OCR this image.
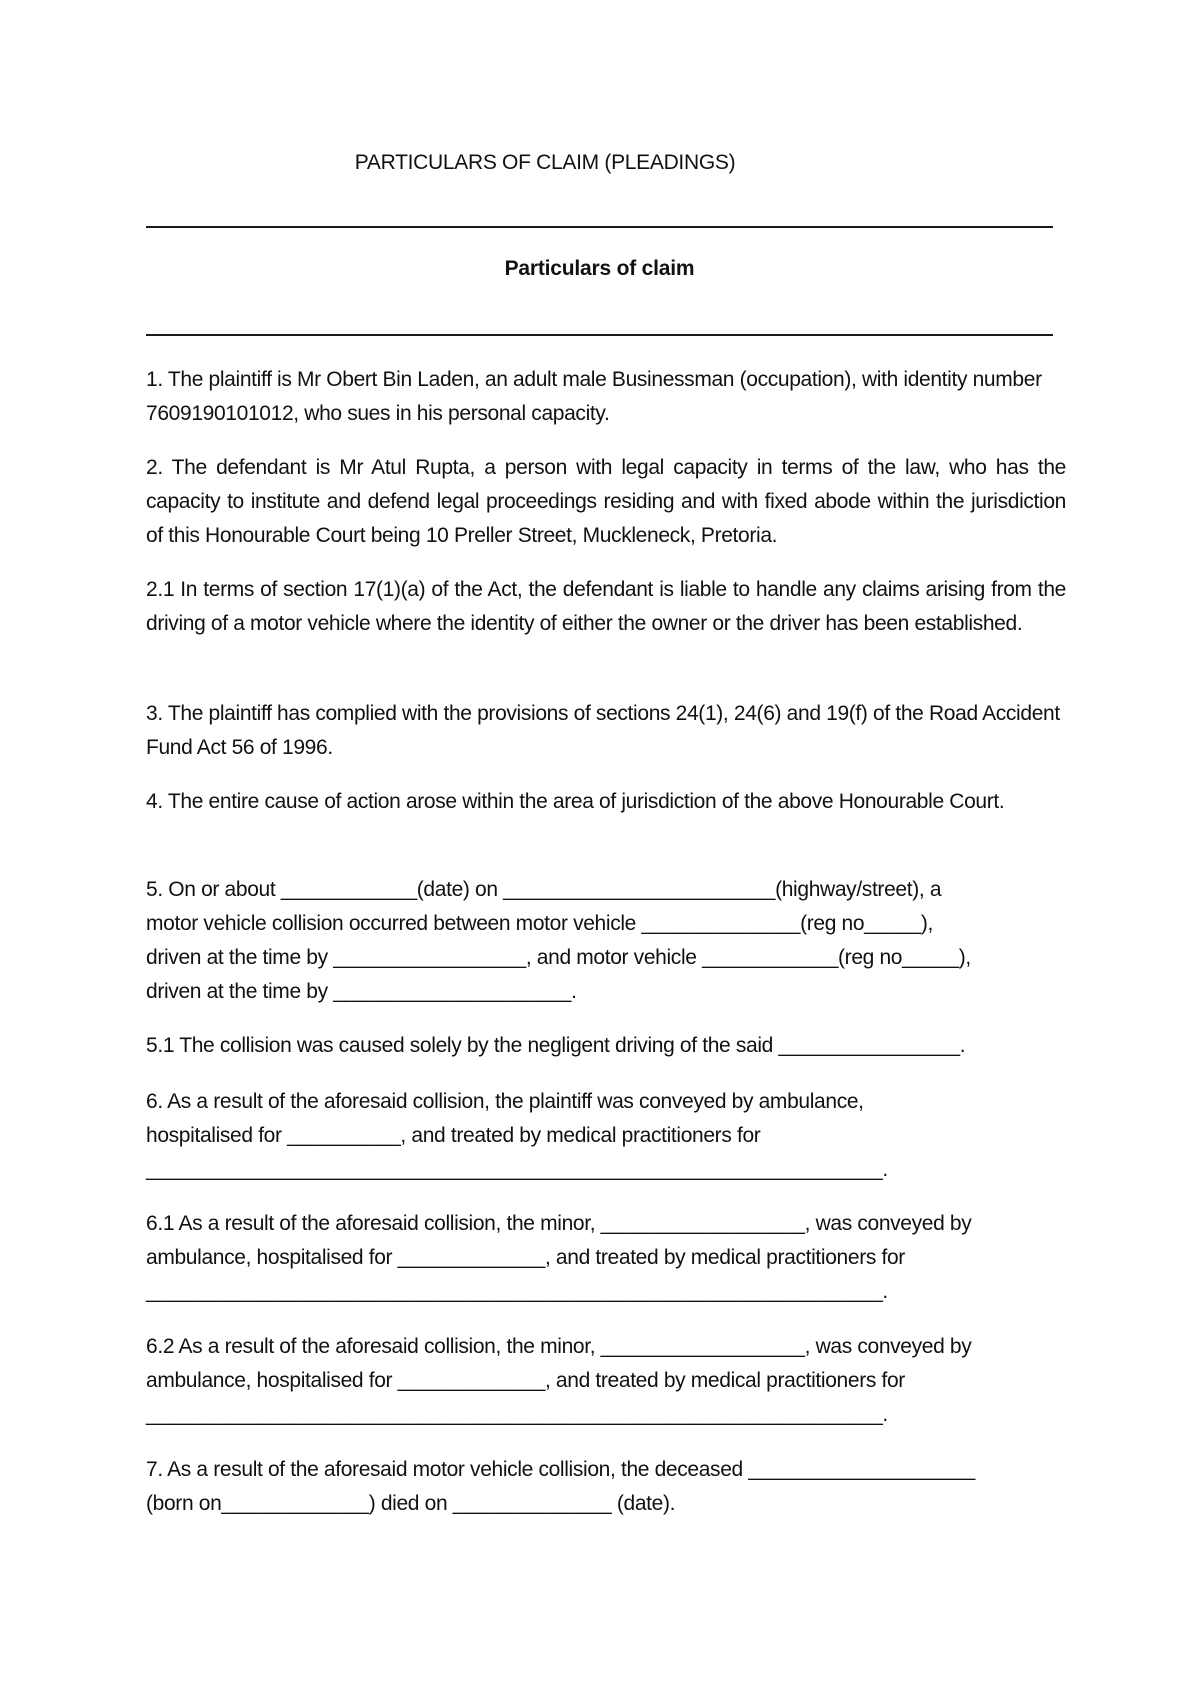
PARTICULARS OF CLAIM (PLEADINGS)
Particulars of claim

1. The plaintiff is Mr Obert Bin Laden, an adult male Businessman (occupation), with identity number 7609190101012, who sues in his personal capacity.

2. The defendant is Mr Atul Rupta, a person with legal capacity in terms of the law, who has the capacity to institute and defend legal proceedings residing and with fixed abode within the jurisdiction of this Honourable Court being 10 Preller Street, Muckleneck, Pretoria.

2.1 In terms of section 17(1)(a) of the Act, the defendant is liable to handle any claims arising from the driving of a motor vehicle where the identity of either the owner or the driver has been established.

3. The plaintiff has complied with the provisions of sections 24(1), 24(6) and 19(f) of the Road Accident Fund Act 56 of 1996.

4. The entire cause of action arose within the area of jurisdiction of the above Honourable Court.

5. On or about ____________(date) on ________________________(highway/street), a
motor vehicle collision occurred between motor vehicle ______________(reg no_____),
driven at the time by _________________, and motor vehicle ____________(reg no_____),
driven at the time by _____________________.

5.1 The collision was caused solely by the negligent driving of the said ________________.

6. As a result of the aforesaid collision, the plaintiff was conveyed by ambulance,
hospitalised for __________, and treated by medical practitioners for
_________________________________________________________________.
6.1 As a result of the aforesaid collision, the minor, __________________, was conveyed by
ambulance, hospitalised for _____________, and treated by medical practitioners for
_________________________________________________________________.
6.2 As a result of the aforesaid collision, the minor, __________________, was conveyed by
ambulance, hospitalised for _____________, and treated by medical practitioners for
_________________________________________________________________.
7. As a result of the aforesaid motor vehicle collision, the deceased ____________________
(born on_____________) died on ______________ (date).
